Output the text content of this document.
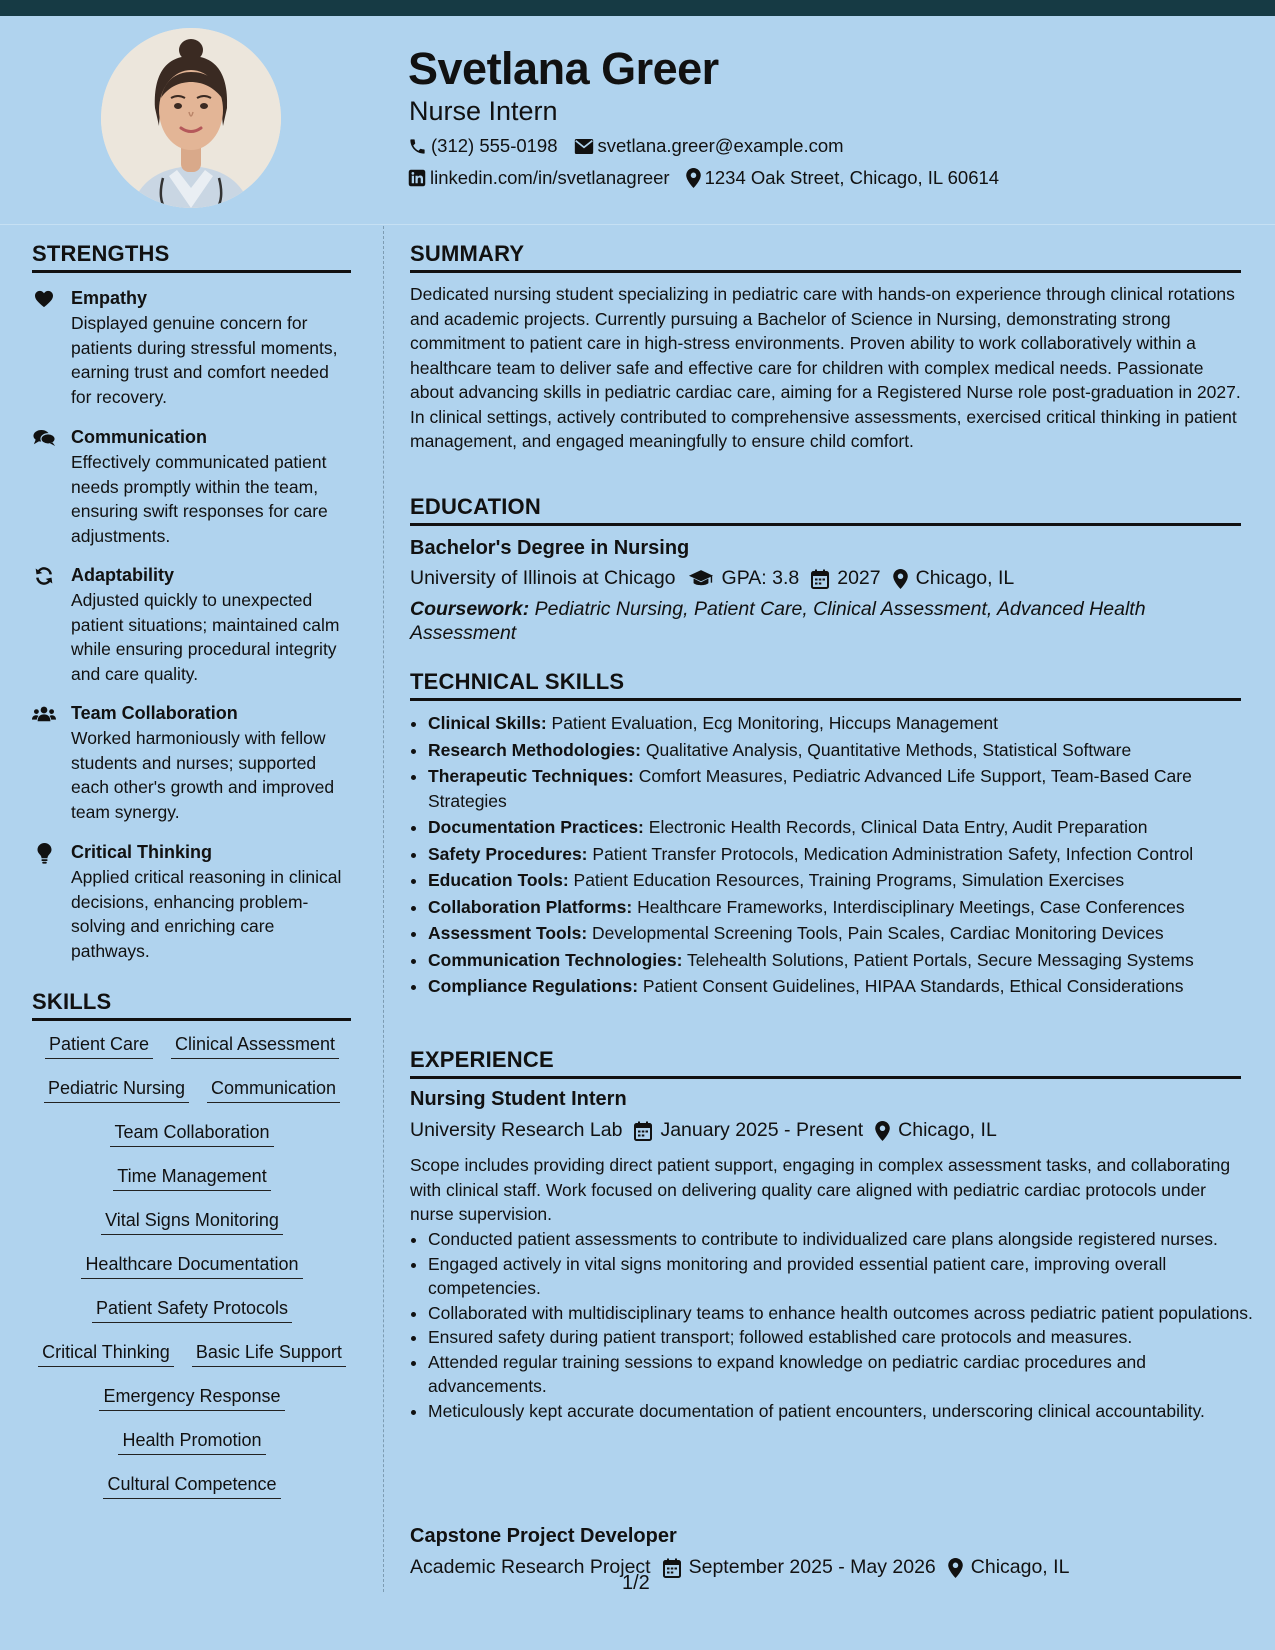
Svetlana Greer
Nurse Intern
(312) 555-0198 svetlana.greer@example.com
linkedin.com/in/svetlanagreer 1234 Oak Street, Chicago, IL 60614
STRENGTHS
Empathy
Displayed genuine concern for patients during stressful moments, earning trust and comfort needed for recovery.
Communication
Effectively communicated patient needs promptly within the team, ensuring swift responses for care adjustments.
Adaptability
Adjusted quickly to unexpected patient situations; maintained calm while ensuring procedural integrity and care quality.
Team Collaboration
Worked harmoniously with fellow students and nurses; supported each other's growth and improved team synergy.
Critical Thinking
Applied critical reasoning in clinical decisions, enhancing problem-solving and enriching care pathways.
SKILLS
Patient Care Clinical Assessment
Pediatric Nursing Communication
Team Collaboration
Time Management
Vital Signs Monitoring
Healthcare Documentation
Patient Safety Protocols
Critical Thinking Basic Life Support
Emergency Response
Health Promotion
Cultural Competence
SUMMARY

Dedicated nursing student specializing in pediatric care with hands-on experience through clinical rotations and academic projects. Currently pursuing a Bachelor of Science in Nursing, demonstrating strong commitment to patient care in high-stress environments. Proven ability to work collaboratively within a healthcare team to deliver safe and effective care for children with complex medical needs. Passionate about advancing skills in pediatric cardiac care, aiming for a Registered Nurse role post-graduation in 2027. In clinical settings, actively contributed to comprehensive assessments, exercised critical thinking in patient management, and engaged meaningfully to ensure child comfort.

EDUCATION
Bachelor's Degree in Nursing
University of Illinois at Chicago GPA: 3.8 2027 Chicago, IL
Coursework: Pediatric Nursing, Patient Care, Clinical Assessment, Advanced Health Assessment
TECHNICAL SKILLS
• Clinical Skills: Patient Evaluation, Ecg Monitoring, Hiccups Management
• Research Methodologies: Qualitative Analysis, Quantitative Methods, Statistical Software
• Therapeutic Techniques: Comfort Measures, Pediatric Advanced Life Support, Team-Based Care Strategies
• Documentation Practices: Electronic Health Records, Clinical Data Entry, Audit Preparation
• Safety Procedures: Patient Transfer Protocols, Medication Administration Safety, Infection Control
• Education Tools: Patient Education Resources, Training Programs, Simulation Exercises
• Collaboration Platforms: Healthcare Frameworks, Interdisciplinary Meetings, Case Conferences
• Assessment Tools: Developmental Screening Tools, Pain Scales, Cardiac Monitoring Devices
• Communication Technologies: Telehealth Solutions, Patient Portals, Secure Messaging Systems
• Compliance Regulations: Patient Consent Guidelines, HIPAA Standards, Ethical Considerations
EXPERIENCE
Nursing Student Intern
University Research Lab January 2025 - Present Chicago, IL

Scope includes providing direct patient support, engaging in complex assessment tasks, and collaborating with clinical staff. Work focused on delivering quality care aligned with pediatric cardiac protocols under nurse supervision.

• Conducted patient assessments to contribute to individualized care plans alongside registered nurses.
• Engaged actively in vital signs monitoring and provided essential patient care, improving overall competencies.
• Collaborated with multidisciplinary teams to enhance health outcomes across pediatric patient populations.
• Ensured safety during patient transport; followed established care protocols and measures.
• Attended regular training sessions to expand knowledge on pediatric cardiac procedures and advancements.
• Meticulously kept accurate documentation of patient encounters, underscoring clinical accountability.
Capstone Project Developer
Academic Research Project September 2025 - May 2026 Chicago, IL
1/2
